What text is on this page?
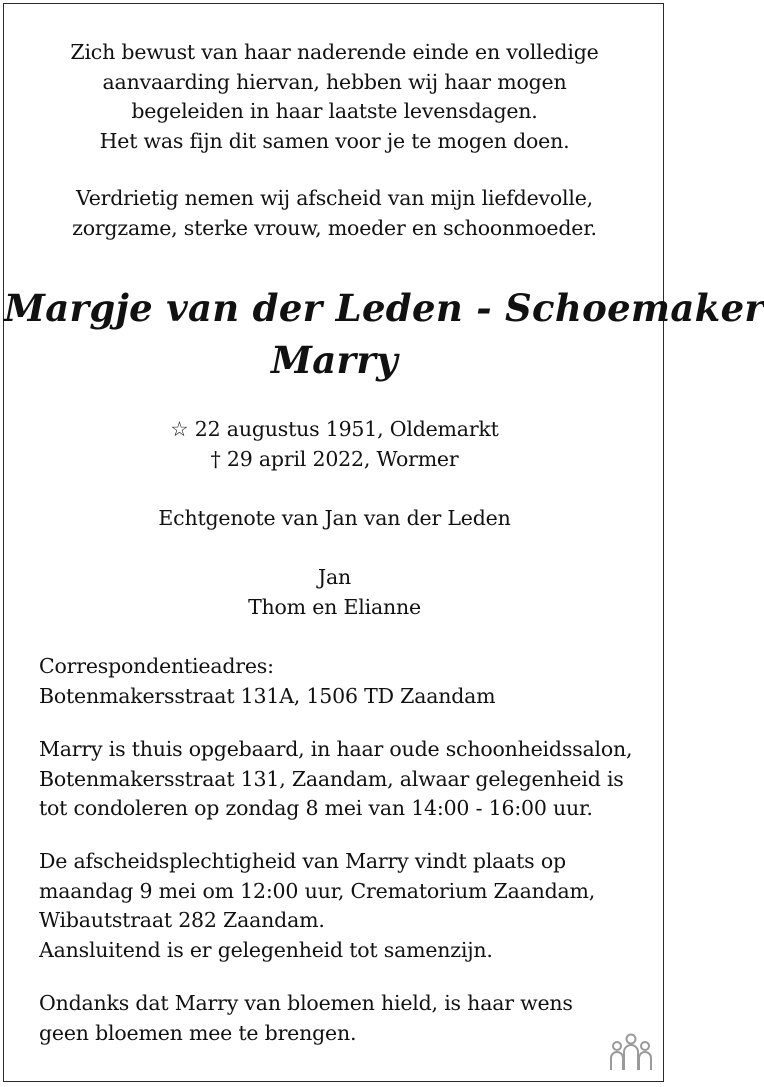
Zich bewust van haar naderende einde en volledige
aanvaarding hiervan, hebben wij haar mogen
begeleiden in haar laatste levensdagen.
Het was fijn dit samen voor je te mogen doen.
Verdrietig nemen wij afscheid van mijn liefdevolle,
zorgzame, sterke vrouw, moeder en schoonmoeder.
Margje van der Leden - Schoemaker
Marry
☆ 22 augustus 1951, Oldemarkt
† 29 april 2022, Wormer
Echtgenote van Jan van der Leden
Jan
Thom en Elianne
Correspondentieadres:
Botenmakersstraat 131A, 1506 TD Zaandam
Marry is thuis opgebaard, in haar oude schoonheidssalon,
Botenmakersstraat 131, Zaandam, alwaar gelegenheid is
tot condoleren op zondag 8 mei van 14:00 - 16:00 uur.
De afscheidsplechtigheid van Marry vindt plaats op
maandag 9 mei om 12:00 uur, Crematorium Zaandam,
Wibautstraat 282 Zaandam.
Aansluitend is er gelegenheid tot samenzijn.
Ondanks dat Marry van bloemen hield, is haar wens
geen bloemen mee te brengen.
